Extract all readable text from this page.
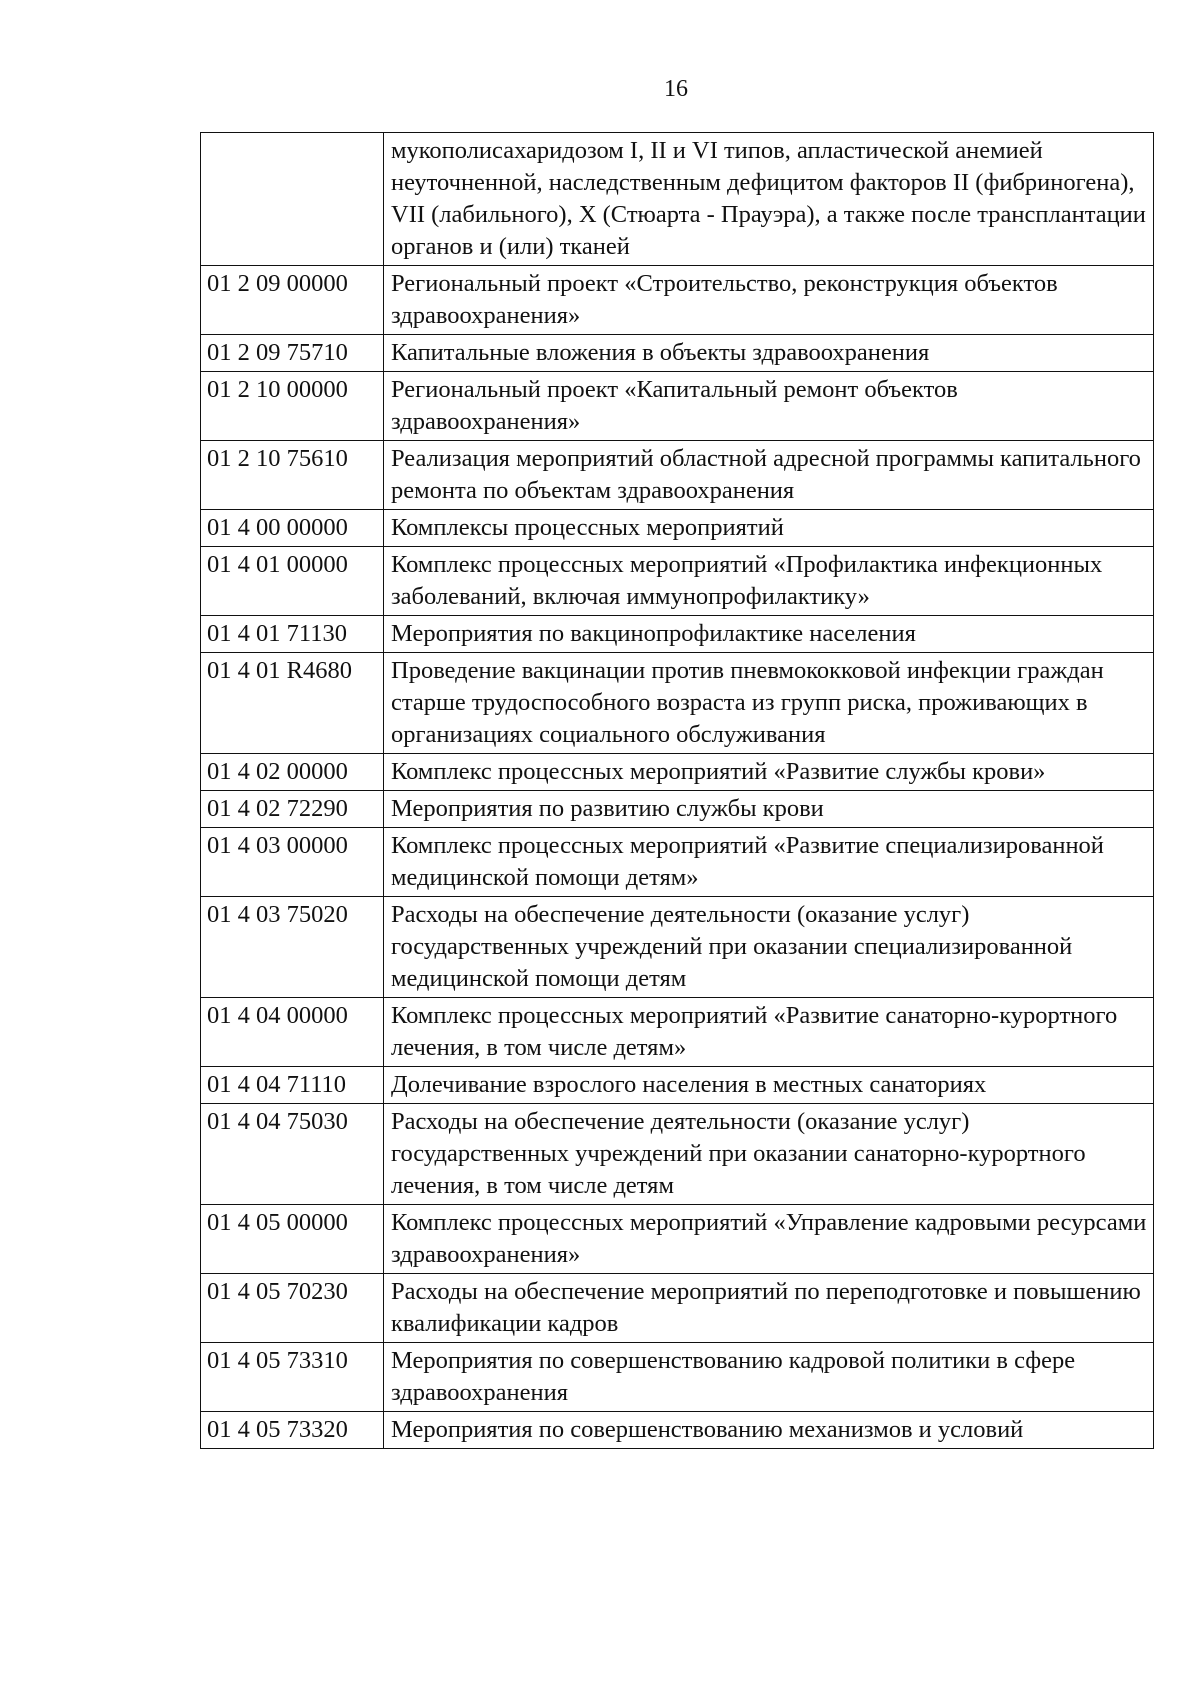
16
	мукополисахаридозом I, II и VI типов, апластической анемией неуточненной, наследственным дефицитом факторов II (фибриногена), VII (лабильного), X (Стюарта - Прауэра), а также после трансплантации органов и (или) тканей
01 2 09 00000	Региональный проект «Строительство, реконструкция объектов здравоохранения»
01 2 09 75710	Капитальные вложения в объекты здравоохранения
01 2 10 00000	Региональный проект «Капитальный ремонт объектов здравоохранения»
01 2 10 75610	Реализация мероприятий областной адресной программы капитального ремонта по объектам здравоохранения
01 4 00 00000	Комплексы процессных мероприятий
01 4 01 00000	Комплекс процессных мероприятий «Профилактика инфекционных заболеваний, включая иммунопрофилактику»
01 4 01 71130	Мероприятия по вакцинопрофилактике населения
01 4 01 R4680	Проведение вакцинации против пневмококковой инфекции граждан старше трудоспособного возраста из групп риска, проживающих в организациях социального обслуживания
01 4 02 00000	Комплекс процессных мероприятий «Развитие службы крови»
01 4 02 72290	Мероприятия по развитию службы крови
01 4 03 00000	Комплекс процессных мероприятий «Развитие специализированной медицинской помощи детям»
01 4 03 75020	Расходы на обеспечение деятельности (оказание услуг) государственных учреждений при оказании специализированной медицинской помощи детям
01 4 04 00000	Комплекс процессных мероприятий «Развитие санаторно-курортного лечения, в том числе детям»
01 4 04 71110	Долечивание взрослого населения в местных санаториях
01 4 04 75030	Расходы на обеспечение деятельности (оказание услуг) государственных учреждений при оказании санаторно-курортного лечения, в том числе детям
01 4 05 00000	Комплекс процессных мероприятий «Управление кадровыми ресурсами здравоохранения»
01 4 05 70230	Расходы на обеспечение мероприятий по переподготовке и повышению квалификации кадров
01 4 05 73310	Мероприятия по совершенствованию кадровой политики в сфере здравоохранения
01 4 05 73320	Мероприятия по совершенствованию механизмов и условий
